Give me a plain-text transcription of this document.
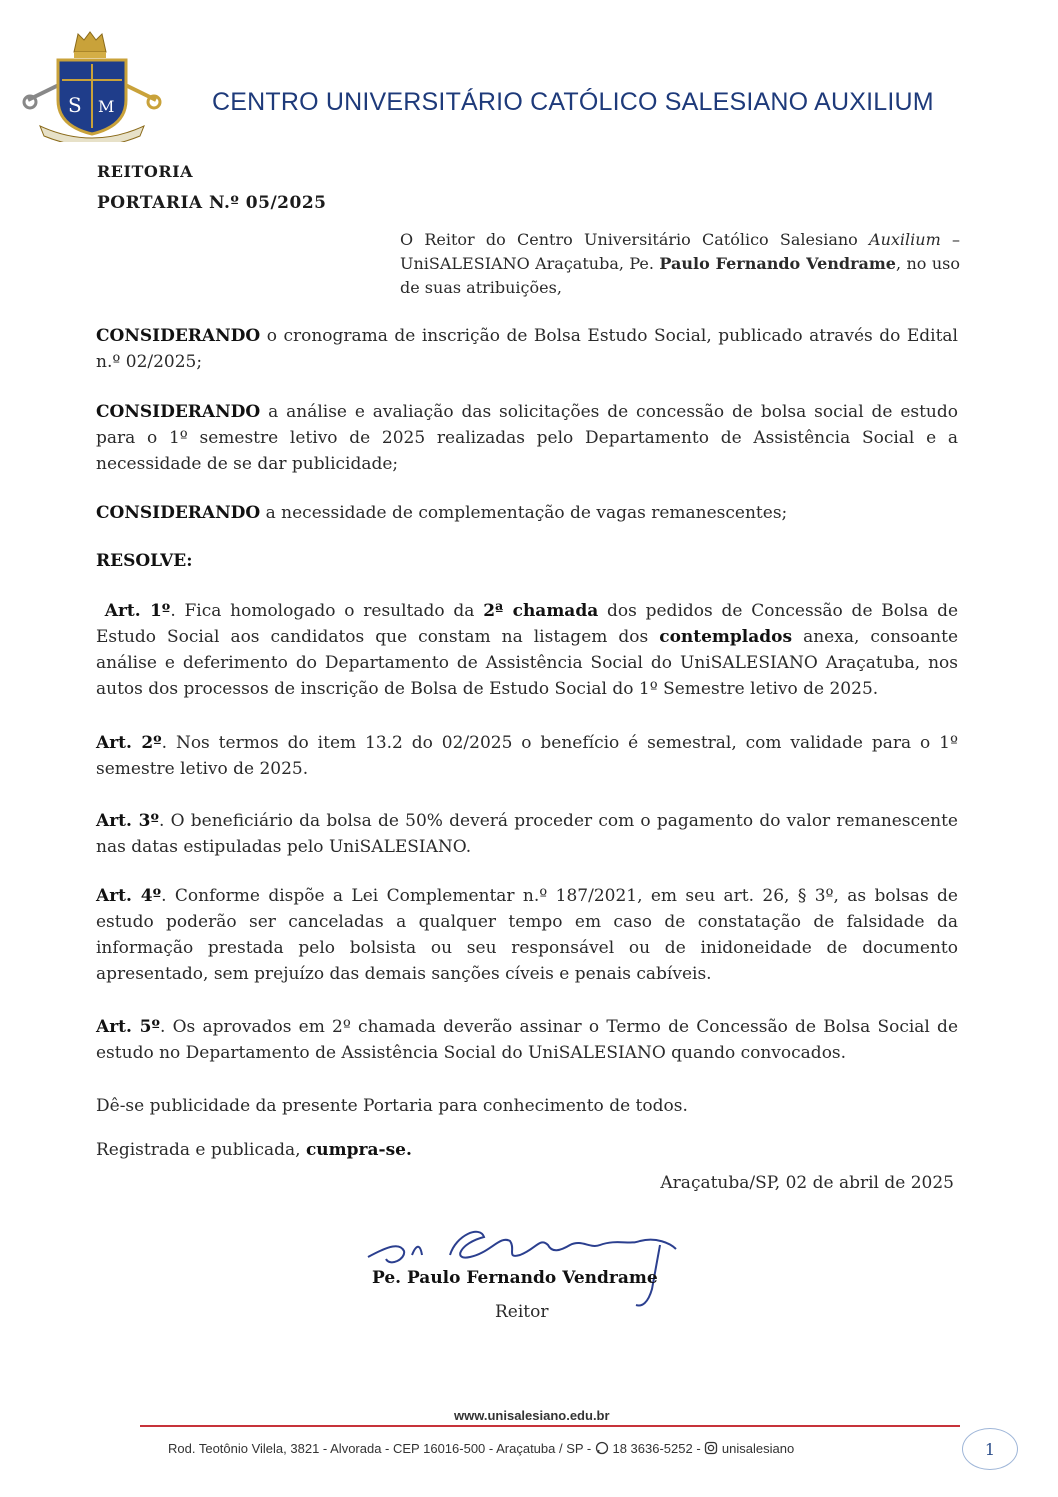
S M	CENTRO UNIVERSITÁRIO CATÓLICO SALESIANO AUXILIUM
REITORIA
PORTARIA N.º 05/2025
O Reitor do Centro Universitário Católico Salesiano Auxilium – UniSALESIANO Araçatuba, Pe. Paulo Fernando Vendrame, no uso de suas atribuições,
CONSIDERANDO o cronograma de inscrição de Bolsa Estudo Social, publicado através do Edital n.º 02/2025;
CONSIDERANDO a análise e avaliação das solicitações de concessão de bolsa social de estudo para o 1º semestre letivo de 2025 realizadas pelo Departamento de Assistência Social e a necessidade de se dar publicidade;
CONSIDERANDO a necessidade de complementação de vagas remanescentes;
RESOLVE:
Art. 1º. Fica homologado o resultado da 2ª chamada dos pedidos de Concessão de Bolsa de Estudo Social aos candidatos que constam na listagem dos contemplados anexa, consoante análise e deferimento do Departamento de Assistência Social do UniSALESIANO Araçatuba, nos autos dos processos de inscrição de Bolsa de Estudo Social do 1º Semestre letivo de 2025.
Art. 2º. Nos termos do item 13.2 do 02/2025 o benefício é semestral, com validade para o 1º semestre letivo de 2025.
Art. 3º. O beneficiário da bolsa de 50% deverá proceder com o pagamento do valor remanescente nas datas estipuladas pelo UniSALESIANO.
Art. 4º. Conforme dispõe a Lei Complementar n.º 187/2021, em seu art. 26, § 3º, as bolsas de estudo poderão ser canceladas a qualquer tempo em caso de constatação de falsidade da informação prestada pelo bolsista ou seu responsável ou de inidoneidade de documento apresentado, sem prejuízo das demais sanções cíveis e penais cabíveis.
Art. 5º. Os aprovados em 2º chamada deverão assinar o Termo de Concessão de Bolsa Social de estudo no Departamento de Assistência Social do UniSALESIANO quando convocados.
Dê-se publicidade da presente Portaria para conhecimento de todos.
Registrada e publicada, cumpra-se.
Araçatuba/SP, 02 de abril de 2025
Pe. Paulo Fernando Vendrame
Reitor
www.unisalesiano.edu.br
Rod. Teotônio Vilela, 3821 - Alvorada - CEP 16016-500 - Araçatuba / SP -  18 3636-5252 -  unisalesiano	1
